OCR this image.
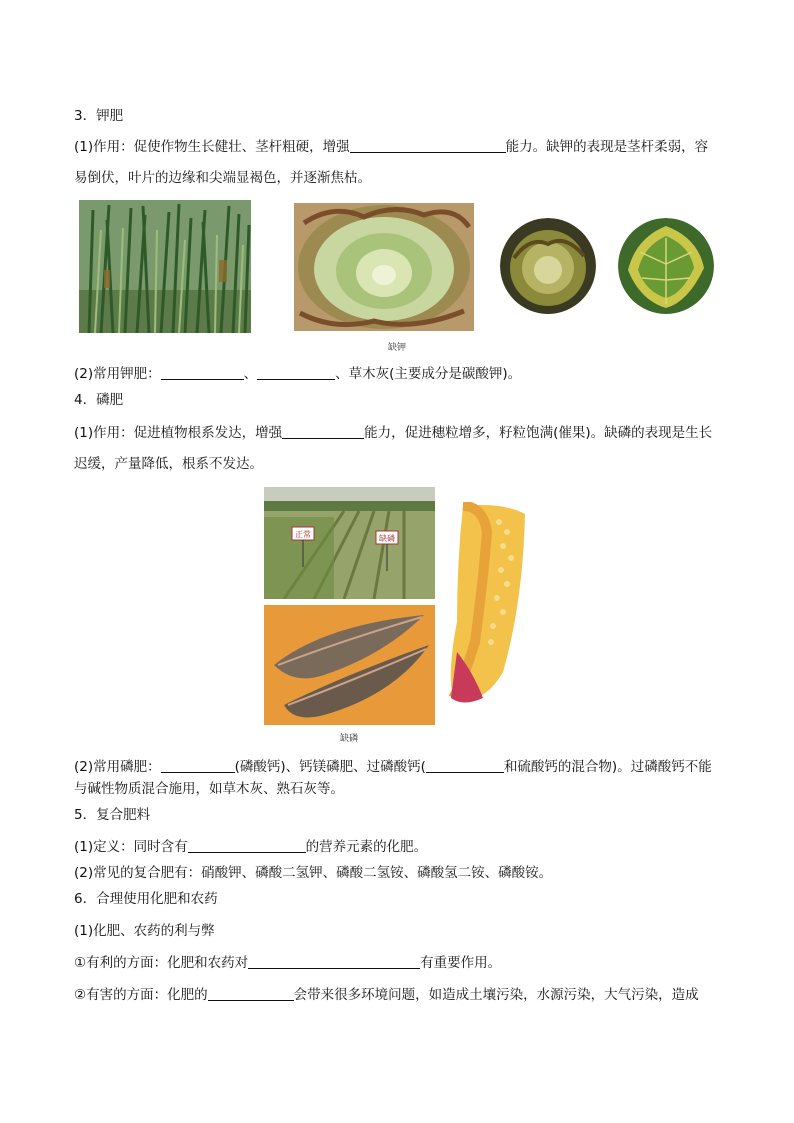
3．钾肥
(1)作用：促使作物生长健壮、茎杆粗硬，增强	能力。缺钾的表现是茎杆柔弱，容
易倒伏，叶片的边缘和尖端显褐色，并逐渐焦枯。
缺钾
(2)常用钾肥：	、	、草木灰(主要成分是碳酸钾)。
4．磷肥
(1)作用：促进植物根系发达，增强	能力，促进穗粒增多，籽粒饱满(催果)。缺磷的表现是生长
迟缓，产量降低，根系不发达。
正常	缺磷
缺磷
(2)常用磷肥：	(磷酸钙)、钙镁磷肥、过磷酸钙(	和硫酸钙的混合物)。过磷酸钙不能
与碱性物质混合施用，如草木灰、熟石灰等。
5．复合肥料
(1)定义：同时含有	的营养元素的化肥。
(2)常见的复合肥有：硝酸钾、磷酸二氢钾、磷酸二氢铵、磷酸氢二铵、磷酸铵。
6．合理使用化肥和农药
(1)化肥、农药的利与弊
①有利的方面：化肥和农药对	有重要作用。
②有害的方面：化肥的	会带来很多环境问题，如造成土壤污染，水源污染，大气污染，造成
